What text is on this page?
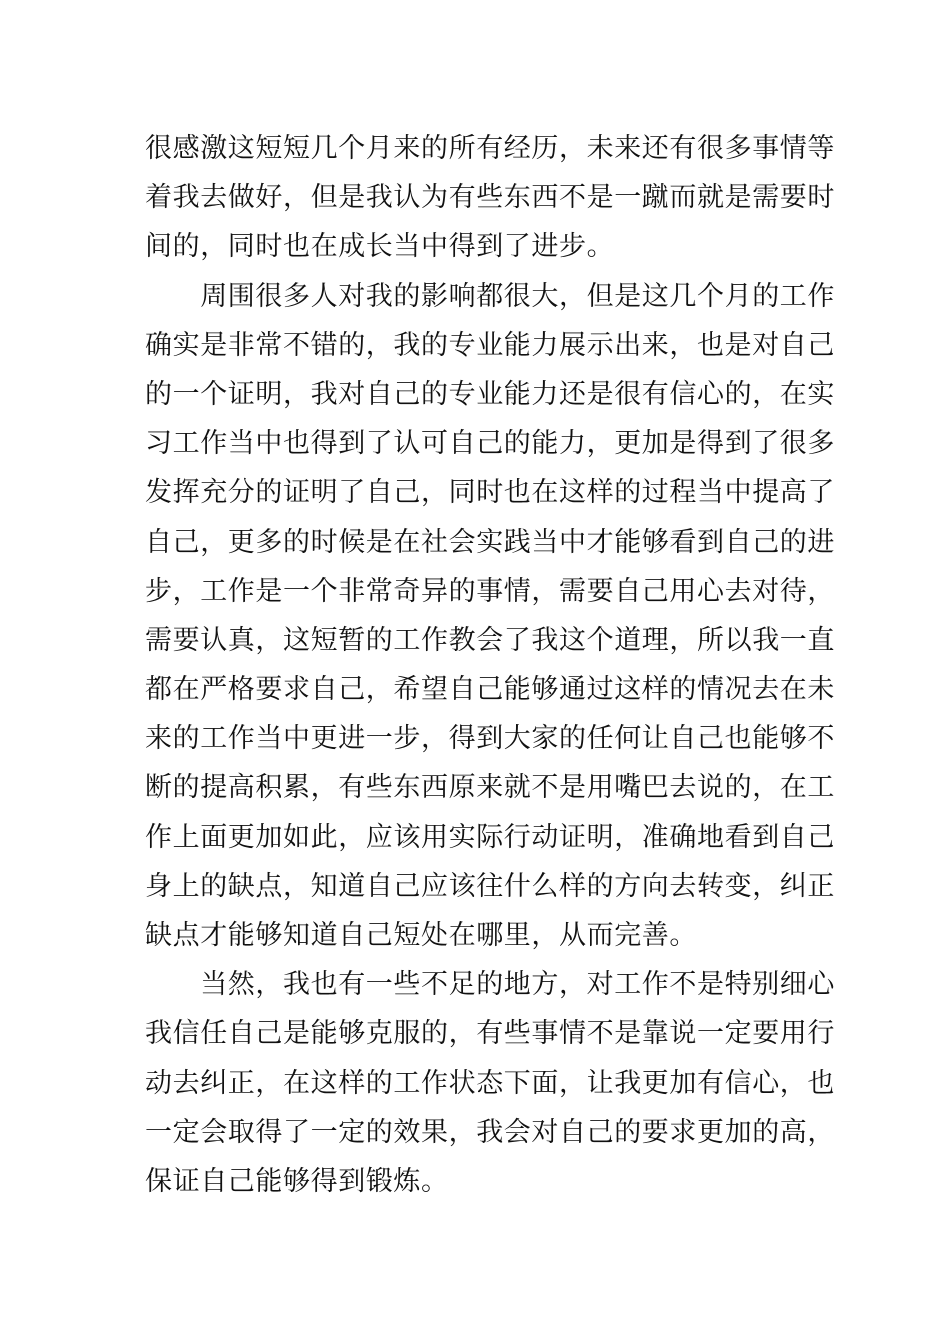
很感激这短短几个月来的所有经历，未来还有很多事情等
着我去做好，但是我认为有些东西不是一蹴而就是需要时
间的，同时也在成长当中得到了进步。
　　周围很多人对我的影响都很大，但是这几个月的工作
确实是非常不错的，我的专业能力展示出来，也是对自己
的一个证明，我对自己的专业能力还是很有信心的，在实
习工作当中也得到了认可自己的能力，更加是得到了很多
发挥充分的证明了自己，同时也在这样的过程当中提高了
自己，更多的时候是在社会实践当中才能够看到自己的进
步，工作是一个非常奇异的事情，需要自己用心去对待，
需要认真，这短暂的工作教会了我这个道理，所以我一直
都在严格要求自己，希望自己能够通过这样的情况去在未
来的工作当中更进一步，得到大家的任何让自己也能够不
断的提高积累，有些东西原来就不是用嘴巴去说的，在工
作上面更加如此，应该用实际行动证明，准确地看到自己
身上的缺点，知道自己应该往什么样的方向去转变，纠正
缺点才能够知道自己短处在哪里，从而完善。
　　当然，我也有一些不足的地方，对工作不是特别细心
我信任自己是能够克服的，有些事情不是靠说一定要用行
动去纠正，在这样的工作状态下面，让我更加有信心，也
一定会取得了一定的效果，我会对自己的要求更加的高，
保证自己能够得到锻炼。
